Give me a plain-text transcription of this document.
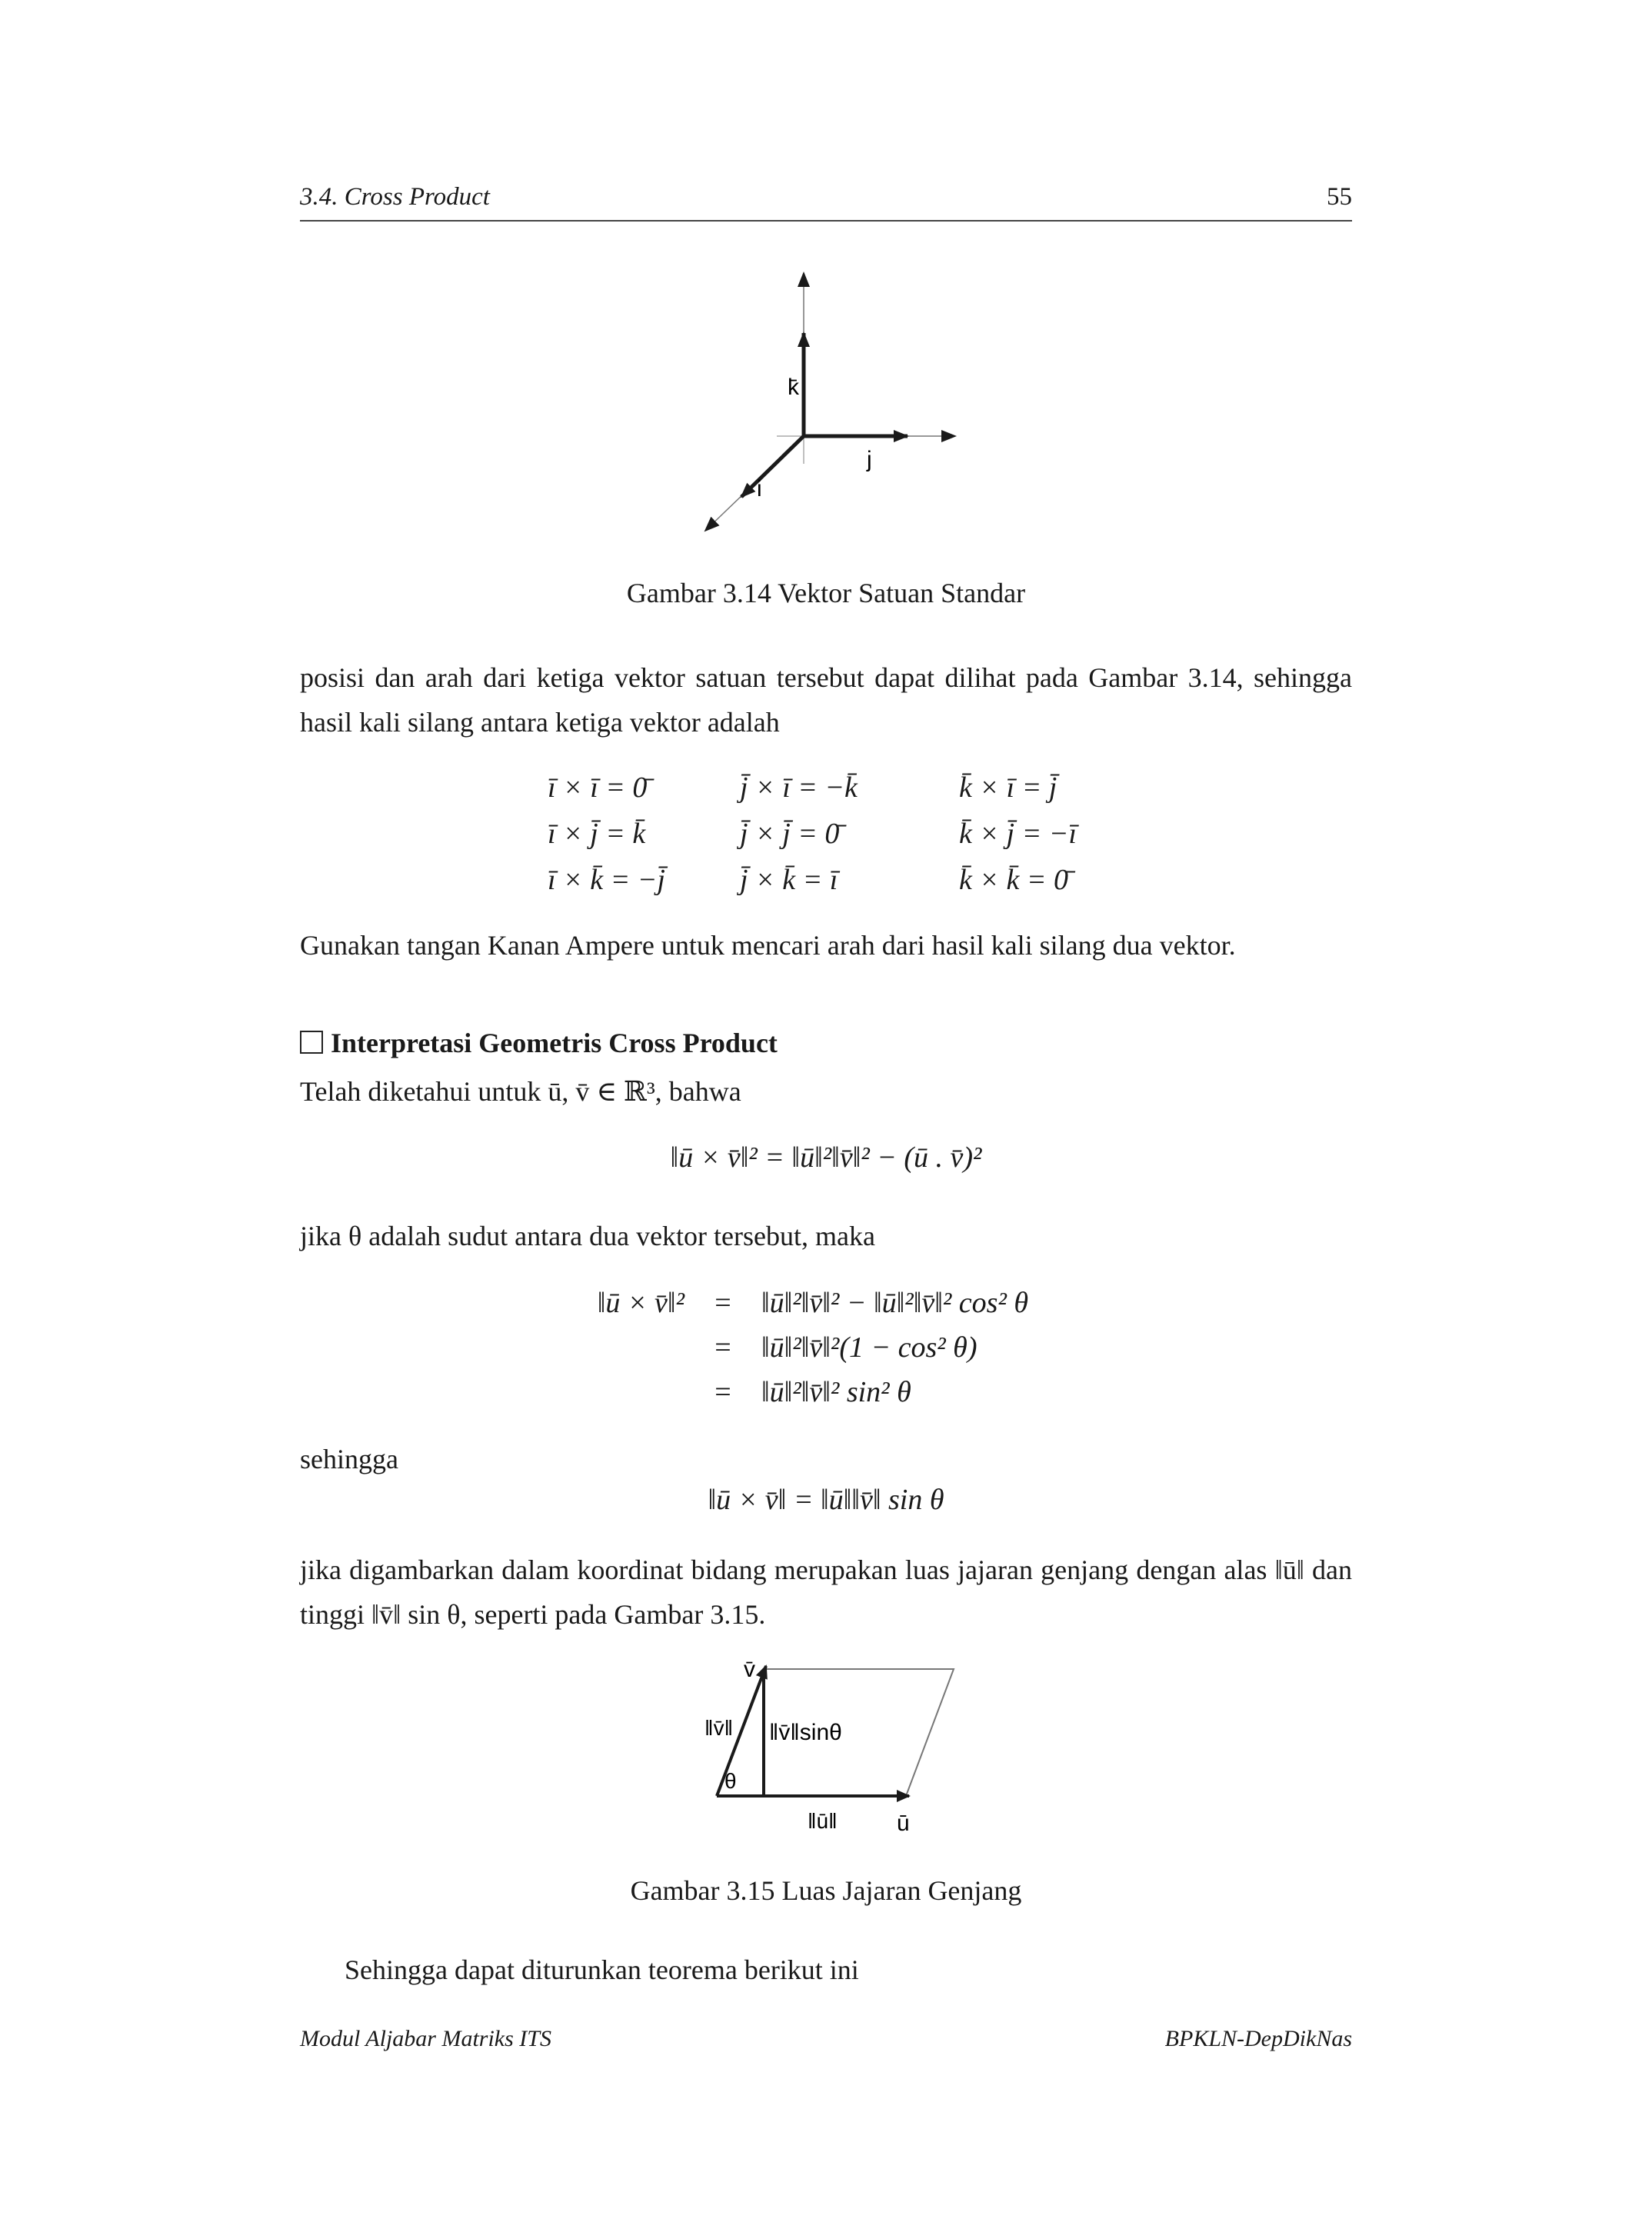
3.4. Cross Product	55
k̄
j
i
Gambar 3.14 Vektor Satuan Standar
posisi dan arah dari ketiga vektor satuan tersebut dapat dilihat pada Gambar 3.14, sehingga hasil kali silang antara ketiga vektor adalah
ī × ī = 0̄	j̄ × ī = −k̄	k̄ × ī = j̄
ī × j̄ = k̄	j̄ × j̄ = 0̄	k̄ × j̄ = −ī
ī × k̄ = −j̄	j̄ × k̄ = ī	k̄ × k̄ = 0̄
Gunakan tangan Kanan Ampere untuk mencari arah dari hasil kali silang dua vektor.
Interpretasi Geometris Cross Product
Telah diketahui untuk ū, v̄ ∈ ℝ³, bahwa
‖ū × v̄‖² = ‖ū‖²‖v̄‖² − (ū . v̄)²
jika θ adalah sudut antara dua vektor tersebut, maka
‖ū × v̄‖²	=	‖ū‖²‖v̄‖² − ‖ū‖²‖v̄‖² cos² θ
=	‖ū‖²‖v̄‖²(1 − cos² θ)
=	‖ū‖²‖v̄‖² sin² θ
sehingga
‖ū × v̄‖ = ‖ū‖‖v̄‖ sin θ
jika digambarkan dalam koordinat bidang merupakan luas jajaran genjang dengan alas ‖ū‖ dan tinggi ‖v̄‖ sin θ, seperti pada Gambar 3.15.
v̄
‖v̄‖ ‖v̄‖sinθ
θ
‖ū‖	ū
Gambar 3.15 Luas Jajaran Genjang
Sehingga dapat diturunkan teorema berikut ini
Modul Aljabar Matriks ITS	BPKLN-DepDikNas
